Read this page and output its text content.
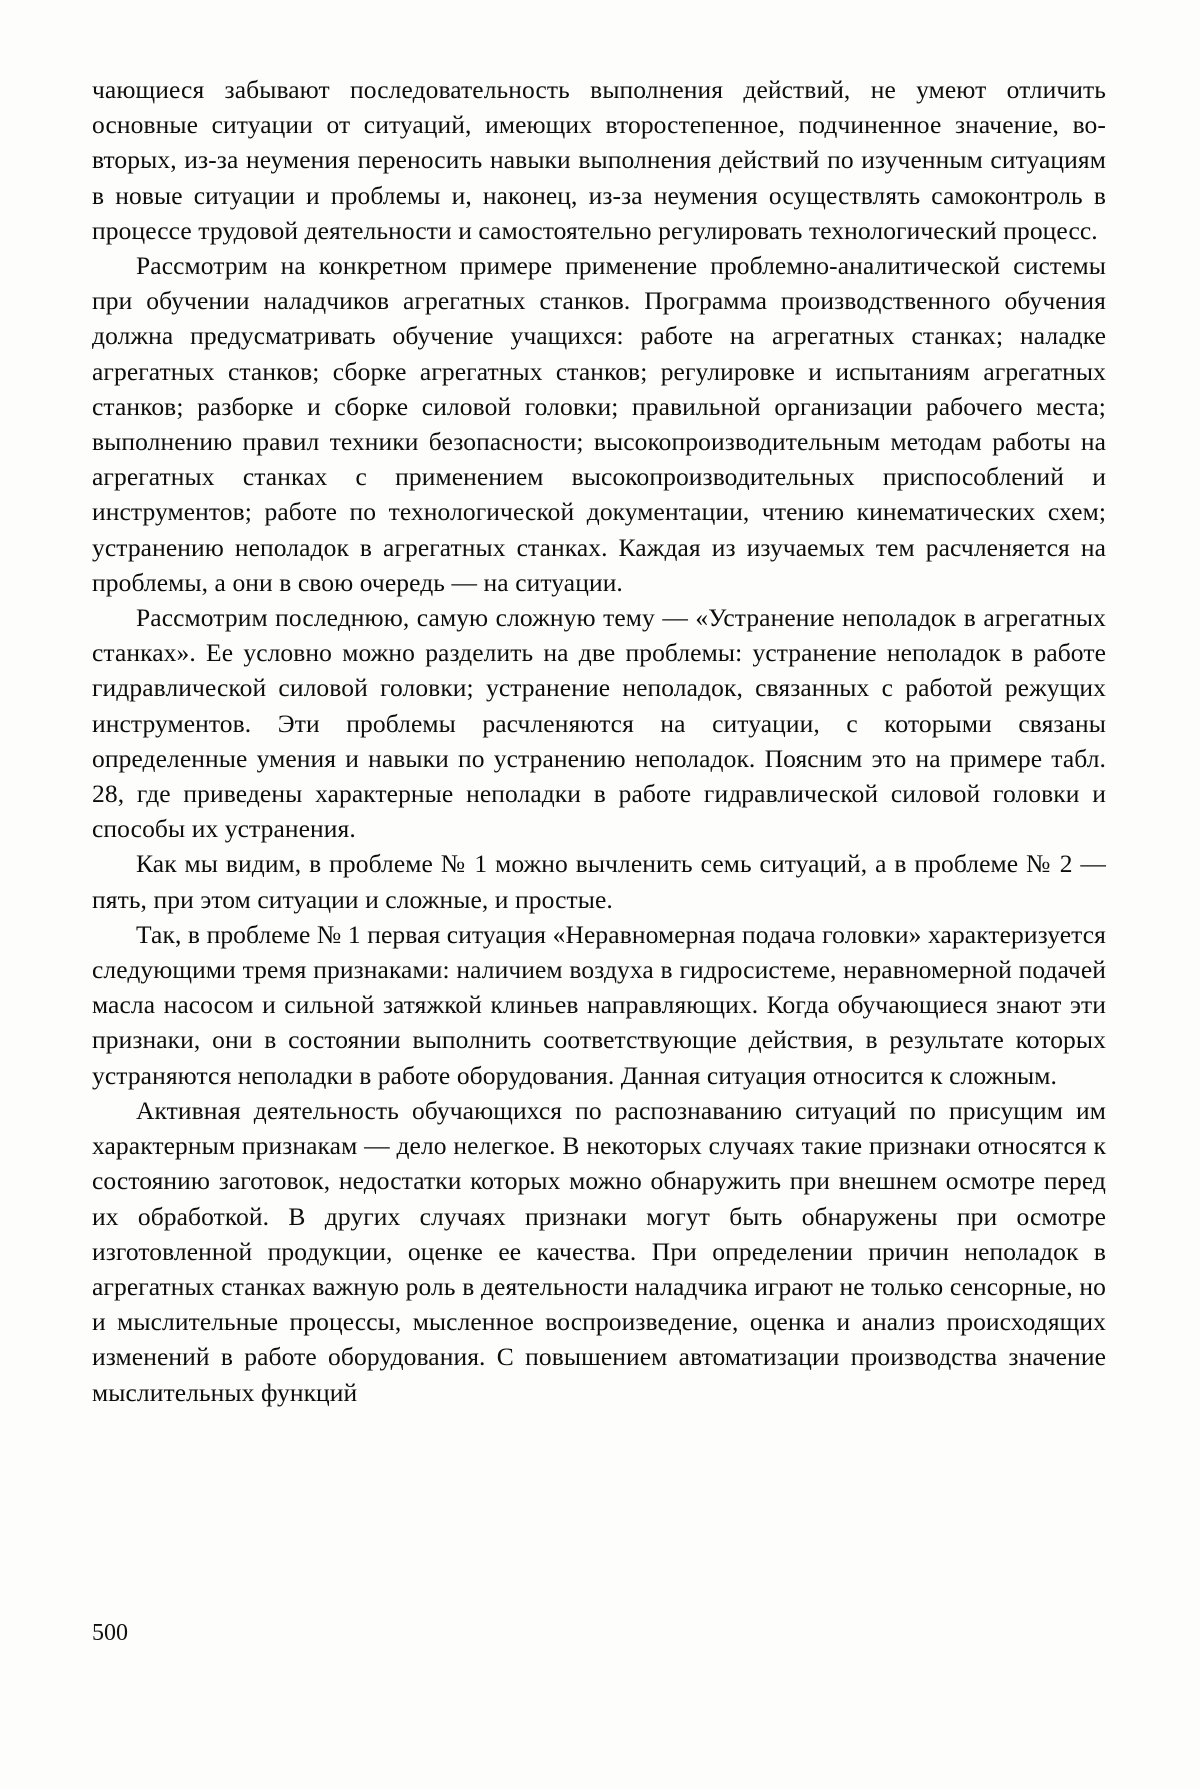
чающиеся забывают последовательность выполнения действий, не умеют отличить основные ситуации от ситуаций, имеющих второстепенное, подчиненное значение, во-вторых, из-за неумения переносить навыки выполнения действий по изученным ситуациям в новые ситуации и проблемы и, наконец, из-за неумения осуществлять самоконтроль в процессе трудовой деятельности и самостоятельно регулировать технологический процесс.

Рассмотрим на конкретном примере применение проблемно-аналитической системы при обучении наладчиков агрегатных станков. Программа производственного обучения должна предусматривать обучение учащихся: работе на агрегатных станках; наладке агрегатных станков; сборке агрегатных станков; регулировке и испытаниям агрегатных станков; разборке и сборке силовой головки; правильной организации рабочего места; выполнению правил техники безопасности; высокопроизводительным методам работы на агрегатных станках с применением высокопроизводительных приспособлений и инструментов; работе по технологической документации, чтению кинематических схем; устранению неполадок в агрегатных станках. Каждая из изучаемых тем расчленяется на проблемы, а они в свою очередь — на ситуации.

Рассмотрим последнюю, самую сложную тему — «Устранение неполадок в агрегатных станках». Ее условно можно разделить на две проблемы: устранение неполадок в работе гидравлической силовой головки; устранение неполадок, связанных с работой режущих инструментов. Эти проблемы расчленяются на ситуации, с которыми связаны определенные умения и навыки по устранению неполадок. Поясним это на примере табл. 28, где приведены характерные неполадки в работе гидравлической силовой головки и способы их устранения.

Как мы видим, в проблеме № 1 можно вычленить семь ситуаций, а в проблеме № 2 — пять, при этом ситуации и сложные, и простые.

Так, в проблеме № 1 первая ситуация «Неравномерная подача головки» характеризуется следующими тремя признаками: наличием воздуха в гидросистеме, неравномерной подачей масла насосом и сильной затяжкой клиньев направляющих. Когда обучающиеся знают эти признаки, они в состоянии выполнить соответствующие действия, в результате которых устраняются неполадки в работе оборудования. Данная ситуация относится к сложным.

Активная деятельность обучающихся по распознаванию ситуаций по присущим им характерным признакам — дело нелегкое. В некоторых случаях такие признаки относятся к состоянию заготовок, недостатки которых можно обнаружить при внешнем осмотре перед их обработкой. В других случаях признаки могут быть обнаружены при осмотре изготовленной продукции, оценке ее качества. При определении причин неполадок в агрегатных станках важную роль в деятельности наладчика играют не только сенсорные, но и мыслительные процессы, мысленное воспроизведение, оценка и анализ происходящих изменений в работе оборудования. С повышением автоматизации производства значение мыслительных функций

500
